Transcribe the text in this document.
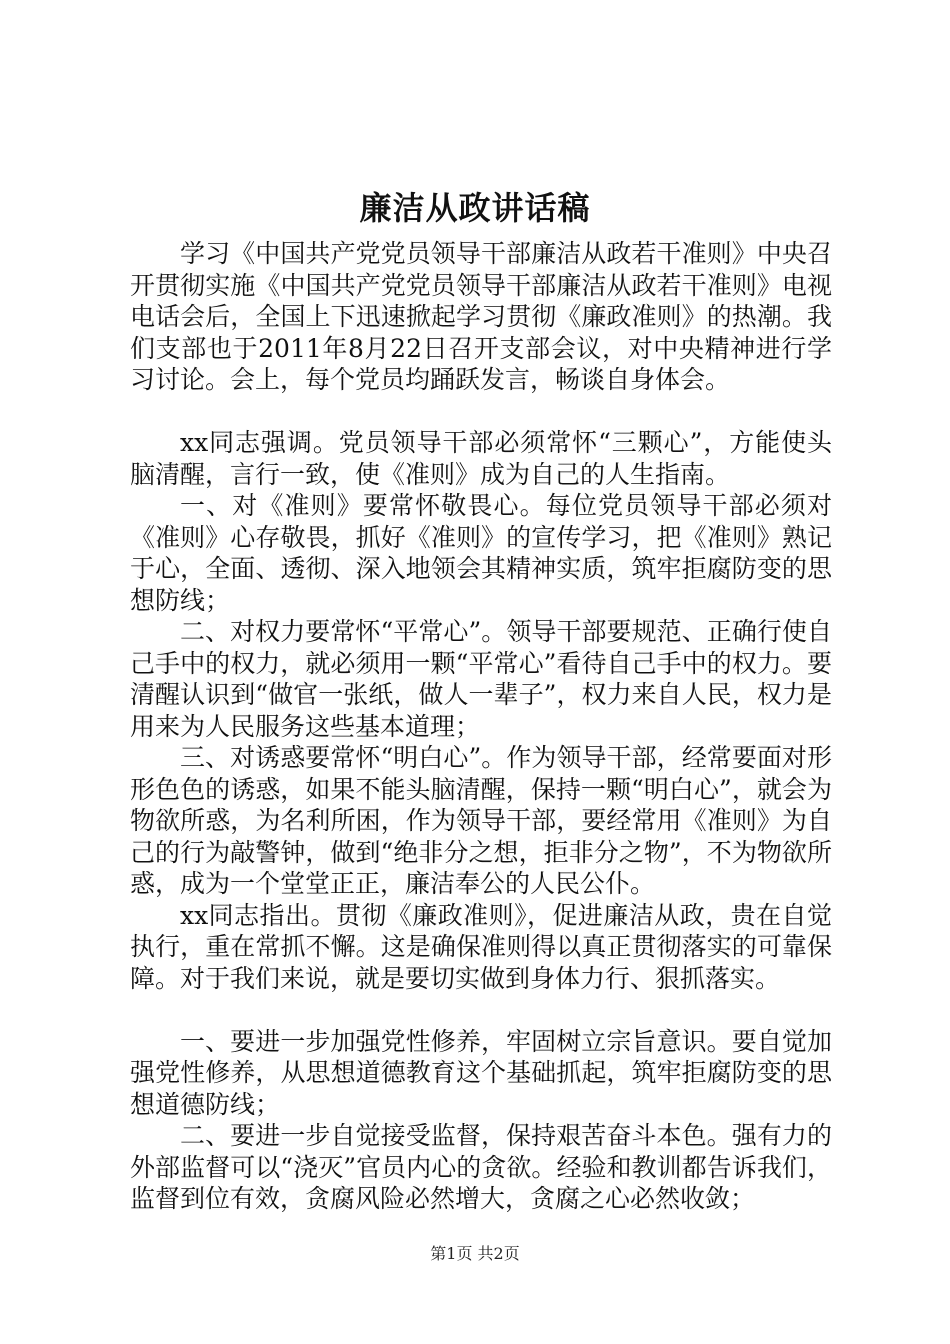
廉洁从政讲话稿

学习《中国共产党党员领导干部廉洁从政若干准则》中央召开贯彻实施《中国共产党党员领导干部廉洁从政若干准则》电视电话会后，全国上下迅速掀起学习贯彻《廉政准则》的热潮。我们支部也于2011年8月22日召开支部会议，对中央精神进行学习讨论。会上，每个党员均踊跃发言，畅谈自身体会。

xx同志强调。党员领导干部必须常怀“三颗心”，方能使头脑清醒，言行一致，使《准则》成为自己的人生指南。

一、对《准则》要常怀敬畏心。每位党员领导干部必须对《准则》心存敬畏，抓好《准则》的宣传学习，把《准则》熟记于心，全面、透彻、深入地领会其精神实质，筑牢拒腐防变的思想防线；

二、对权力要常怀“平常心”。领导干部要规范、正确行使自己手中的权力，就必须用一颗“平常心”看待自己手中的权力。要清醒认识到“做官一张纸，做人一辈子”，权力来自人民，权力是用来为人民服务这些基本道理；

三、对诱惑要常怀“明白心”。作为领导干部，经常要面对形形色色的诱惑，如果不能头脑清醒，保持一颗“明白心”，就会为物欲所惑，为名利所困，作为领导干部，要经常用《准则》为自己的行为敲警钟，做到“绝非分之想，拒非分之物”，不为物欲所惑，成为一个堂堂正正，廉洁奉公的人民公仆。

xx同志指出。贯彻《廉政准则》，促进廉洁从政，贵在自觉执行，重在常抓不懈。这是确保准则得以真正贯彻落实的可靠保障。对于我们来说，就是要切实做到身体力行、狠抓落实。

一、要进一步加强党性修养，牢固树立宗旨意识。要自觉加强党性修养，从思想道德教育这个基础抓起，筑牢拒腐防变的思想道德防线；

二、要进一步自觉接受监督，保持艰苦奋斗本色。强有力的外部监督可以“浇灭”官员内心的贪欲。经验和教训都告诉我们，监督到位有效，贪腐风险必然增大，贪腐之心必然收敛；

第1页 共2页
